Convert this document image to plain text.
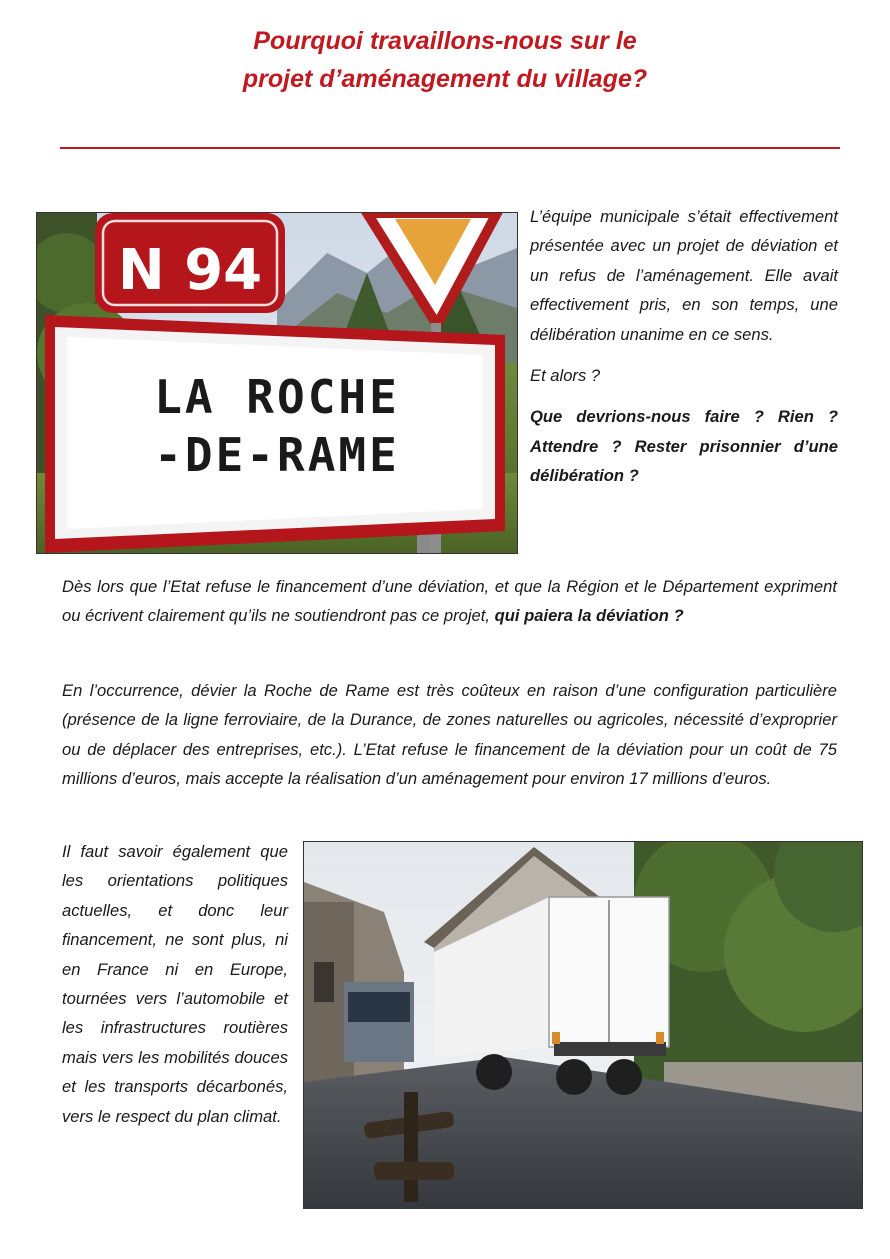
Pourquoi travaillons-nous sur le
projet d’aménagement du village?
N 94
LA ROCHE
-DE-RAME

L’équipe municipale s’était effectivement présentée avec un projet de déviation et un refus de l’aménagement. Elle avait effectivement pris, en son temps, une délibération unanime en ce sens.

Et alors ?

Que devrions-nous faire ? Rien ? Attendre ? Rester prisonnier d’une délibération ?

Dès lors que l’Etat refuse le financement d’une déviation, et que la Région et le Département expriment ou écrivent clairement qu’ils ne soutiendront pas ce projet, qui paiera la déviation ?

En l’occurrence, dévier la Roche de Rame est très coûteux en raison d’une configuration particulière (présence de la ligne ferroviaire, de la Durance, de zones naturelles ou agricoles, nécessité d’exproprier ou de déplacer des entreprises, etc.). L’Etat refuse le financement de la déviation pour un coût de 75 millions d’euros, mais accepte la réalisation d’un aménagement pour environ 17 millions d’euros.

Il faut savoir également que les orientations politiques actuelles, et donc leur financement, ne sont plus, ni en France ni en Europe, tournées vers l’automobile et les infrastructures routières mais vers les mobilités douces et les transports décarbonés, vers le respect du plan climat.
